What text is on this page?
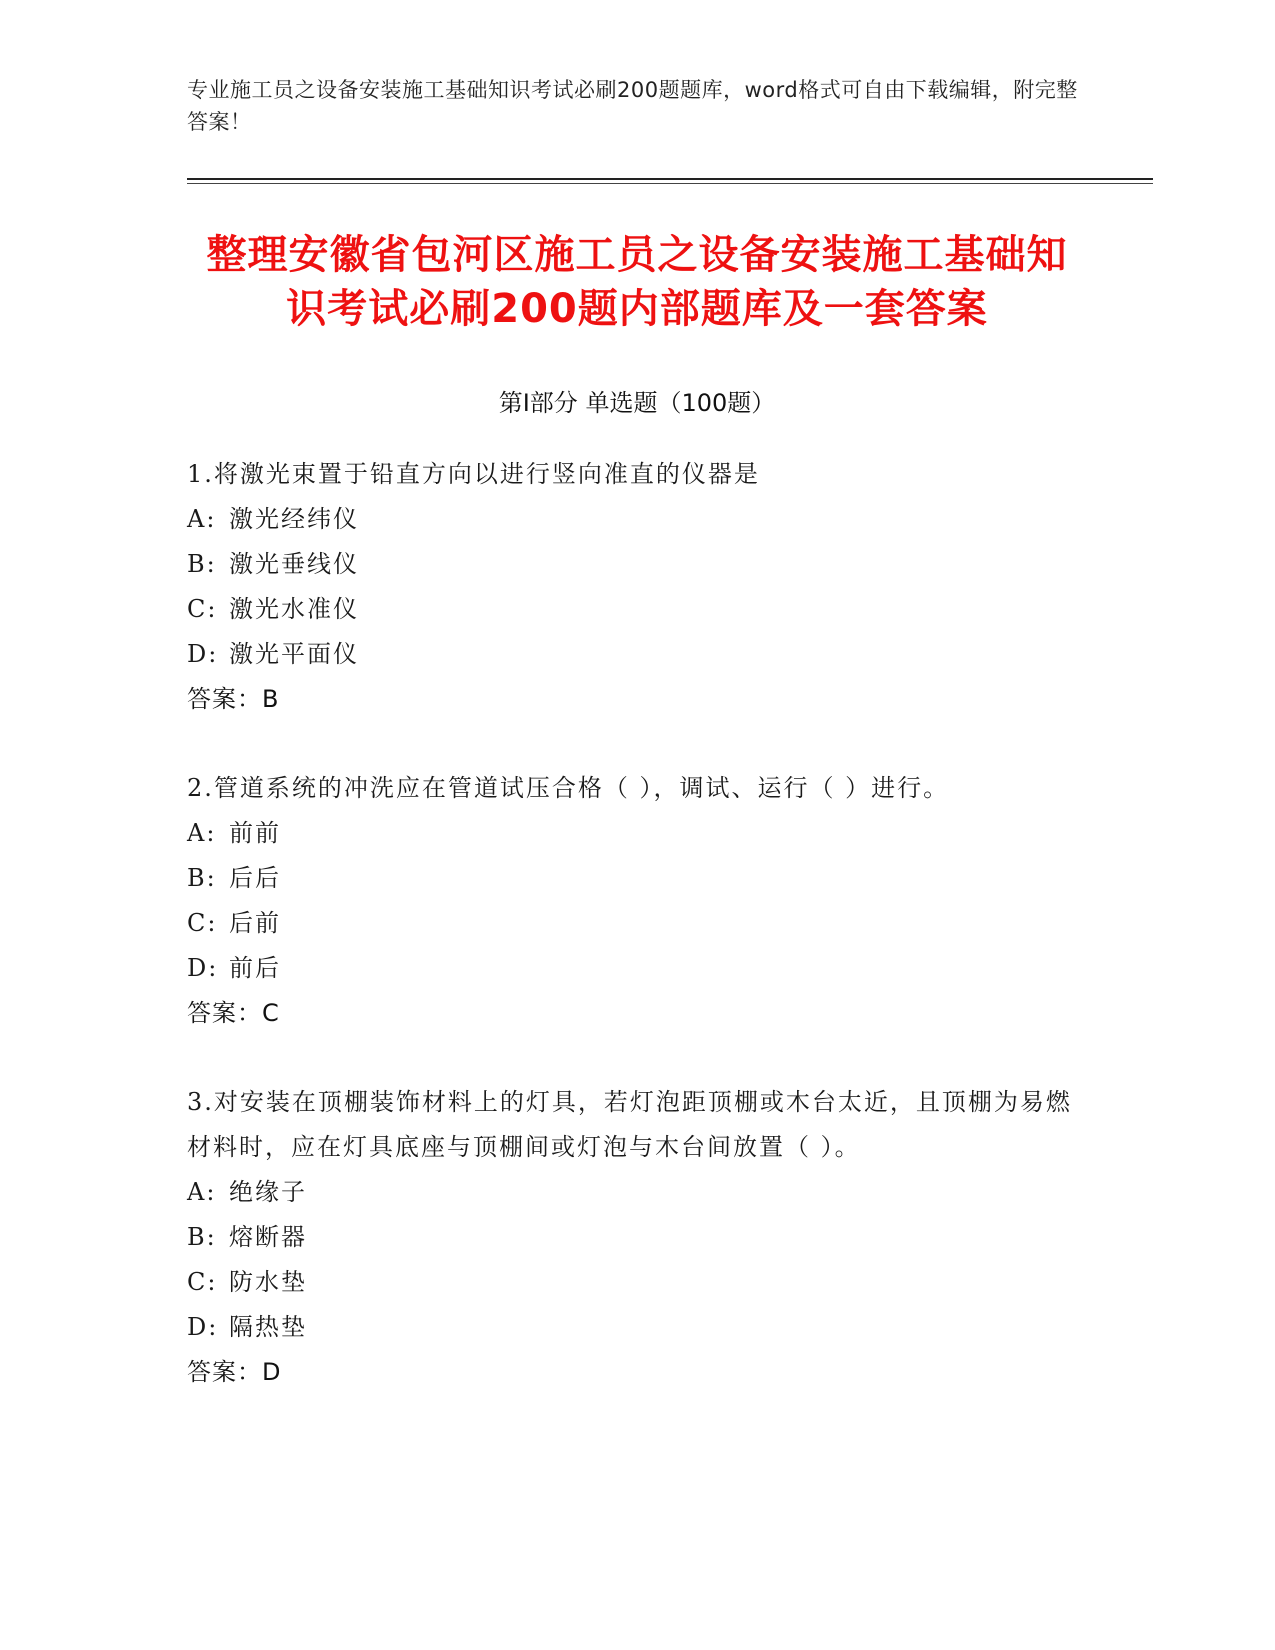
专业施工员之设备安装施工基础知识考试必刷200题题库，word格式可自由下载编辑，附完整答案！
整理安徽省包河区施工员之设备安装施工基础知识考试必刷200题内部题库及一套答案
第Ⅰ部分 单选题（100题）

1.将激光束置于铅直方向以进行竖向准直的仪器是

A: 激光经纬仪

B: 激光垂线仪

C: 激光水准仪

D: 激光平面仪

答案：B

2.管道系统的冲洗应在管道试压合格（ ），调试、运行（ ）进行。

A: 前前

B: 后后

C: 后前

D: 前后

答案：C

3.对安装在顶棚装饰材料上的灯具，若灯泡距顶棚或木台太近，且顶棚为易燃材料时，应在灯具底座与顶棚间或灯泡与木台间放置（ ）。

A: 绝缘子

B: 熔断器

C: 防水垫

D: 隔热垫

答案：D
